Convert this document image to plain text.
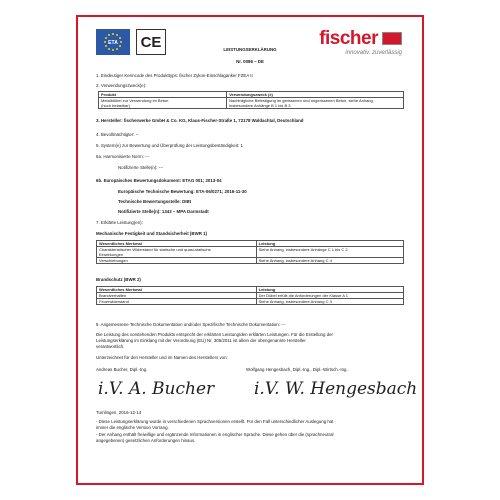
ETA	CE	fischer
innovativ. zuverlässig
LEISTUNGSERKLÄRUNG
Nr. 0086 – DE
1. Eindeutiger Kenncode des Produkttyps: fischer Zykon-Einschlaganker FZEA II
2. Verwendungszweck(e):
Produkt	Verwendungszweck (e)
Metalldübel zur Verwendung im Beton
(hoch belastbar)	Nachträgliche Befestigung im gerissenen und ungerissenen Beton, siehe Anhang,
insbesondere Anhänge B 1 bis B 3
3. Hersteller: fischerwerke GmbH & Co. KG, Klaus-Fischer-Straße 1, 72178 Waldachtal, Deutschland
4. Bevollmächtigter: --
5. System(e) zur Bewertung und Überprüfung der Leistungsbeständigkeit: 1
6a. Harmonisierte Norm: ---
Notifizierte Stelle(n): ---
6b. Europäisches Bewertungsdokument: ETAG 001; 2013-04
Europäische Technische Bewertung: ETA-06/0271; 2016-11-30
Technische Bewertungsstelle: DIBt
Notifizierte Stelle(n): 1343 – MPA Darmstadt
7. Erklärte Leistung(en):
Mechanische Festigkeit und Standsicherheit (BWR 1)
Wesentliches Merkmal	Leistung
Charakteristischer Widerstand für statische und quasi-statische
Einwirkungen	Siehe Anhang, insbesondere Anhänge C 1 bis C 2
Verschiebungen	Siehe Anhang, insbesondere Anhang C 4
Brandschutz (BWR 2)
Wesentliches Merkmal	Leistung
Brandverhalten	Der Dübel erfüllt die Anforderungen der Klasse A 1
Feuerwiderstand	Siehe Anhang, insbesondere Anhang C 3
8. Angemessene Technische Dokumentation und/oder Spezifische Technische Dokumentation: ---
Die Leistung des vorstehenden Produkts entspricht der erklärten Leistung/den erklärten Leistungen. Für die Erstellung der
Leistungserklärung im Einklang mit der Verordnung (EU) Nr. 305/2011 ist allein der obengenannte Hersteller
verantwortlich.
Unterzeichnet für den Hersteller und im Namen des Herstellers von:
Andreas Bucher, Dipl.-Ing.	Wolfgang Hengesbach, Dipl.-Ing., Dipl.-Wirtsch.-Ing.
i.V. A. Bucher i.V. W. Hengesbach
Tumlingen, 2016-12-14
- Diese Leistungserklärung wurde in verschiedenen Sprachversionen erstellt. Für den Fall unterschiedlicher Auslegung hat
immer die englische Version Vorrang.
- Der Anhang enthält freiwillige und ergänzende Informationen in englischer Sprache. Diese gehen über die (sprachneutral
angegebenen) gesetzlichen Anforderungen hinaus.
